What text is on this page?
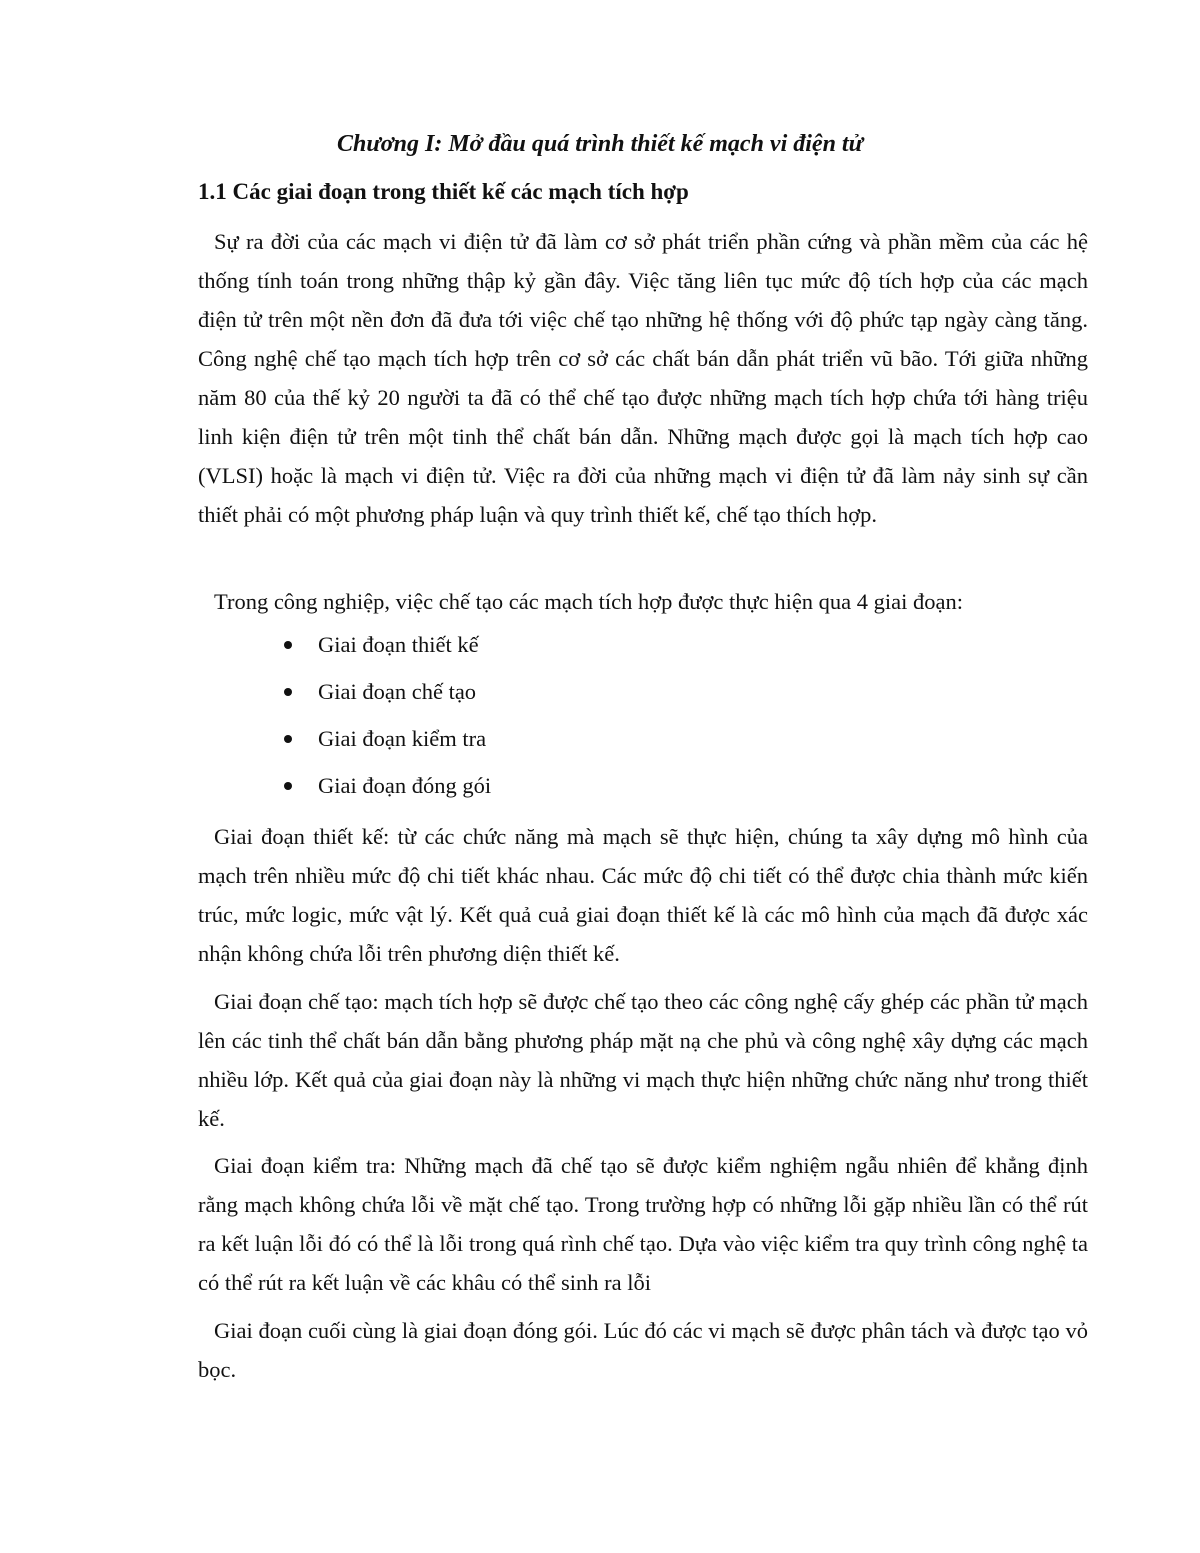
Chương I: Mở đầu quá trình thiết kế mạch vi điện tử
1.1 Các giai đoạn trong thiết kế các mạch tích hợp

Sự ra đời của các mạch vi điện tử đã làm cơ sở phát triển phần cứng và phần mềm của các hệ thống tính toán trong những thập kỷ gần đây. Việc tăng liên tục mức độ tích hợp của các mạch điện tử trên một nền đơn đã đưa tới việc chế tạo những hệ thống với độ phức tạp ngày càng tăng. Công nghệ chế tạo mạch tích hợp trên cơ sở các chất bán dẫn phát triển vũ bão. Tới giữa những năm 80 của thế kỷ 20 người ta đã có thể chế tạo được những mạch tích hợp chứa tới hàng triệu linh kiện điện tử trên một tinh thể chất bán dẫn. Những mạch được gọi là mạch tích hợp cao (VLSI) hoặc là mạch vi điện tử. Việc ra đời của những mạch vi điện tử đã làm nảy sinh sự cần thiết phải có một phương pháp luận và quy trình thiết kế, chế tạo thích hợp.

Trong công nghiệp, việc chế tạo các mạch tích hợp được thực hiện qua 4 giai đoạn:

Giai đoạn thiết kế
Giai đoạn chế tạo
Giai đoạn kiểm tra
Giai đoạn đóng gói

Giai đoạn thiết kế: từ các chức năng mà mạch sẽ thực hiện, chúng ta xây dựng mô hình của mạch trên nhiều mức độ chi tiết khác nhau. Các mức độ chi tiết có thể được chia thành mức kiến trúc, mức logic, mức vật lý. Kết quả cuả giai đoạn thiết kế là các mô hình của mạch đã được xác nhận không chứa lỗi trên phương diện thiết kế.

Giai đoạn chế tạo: mạch tích hợp sẽ được chế tạo theo các công nghệ cấy ghép các phần tử mạch lên các tinh thể chất bán dẫn bằng phương pháp mặt nạ che phủ và công nghệ xây dựng các mạch nhiều lớp. Kết quả của giai đoạn này là những vi mạch thực hiện những chức năng như trong thiết kế.

Giai đoạn kiểm tra: Những mạch đã chế tạo sẽ được kiểm nghiệm ngẫu nhiên để khẳng định rằng mạch không chứa lỗi về mặt chế tạo. Trong trường hợp có những lỗi gặp nhiều lần có thể rút ra kết luận lỗi đó có thể là lỗi trong quá rình chế tạo. Dựa vào việc kiểm tra quy trình công nghệ ta có thể rút ra kết luận về các khâu có thể sinh ra lỗi

Giai đoạn cuối cùng là giai đoạn đóng gói. Lúc đó các vi mạch sẽ được phân tách và được tạo vỏ bọc.
